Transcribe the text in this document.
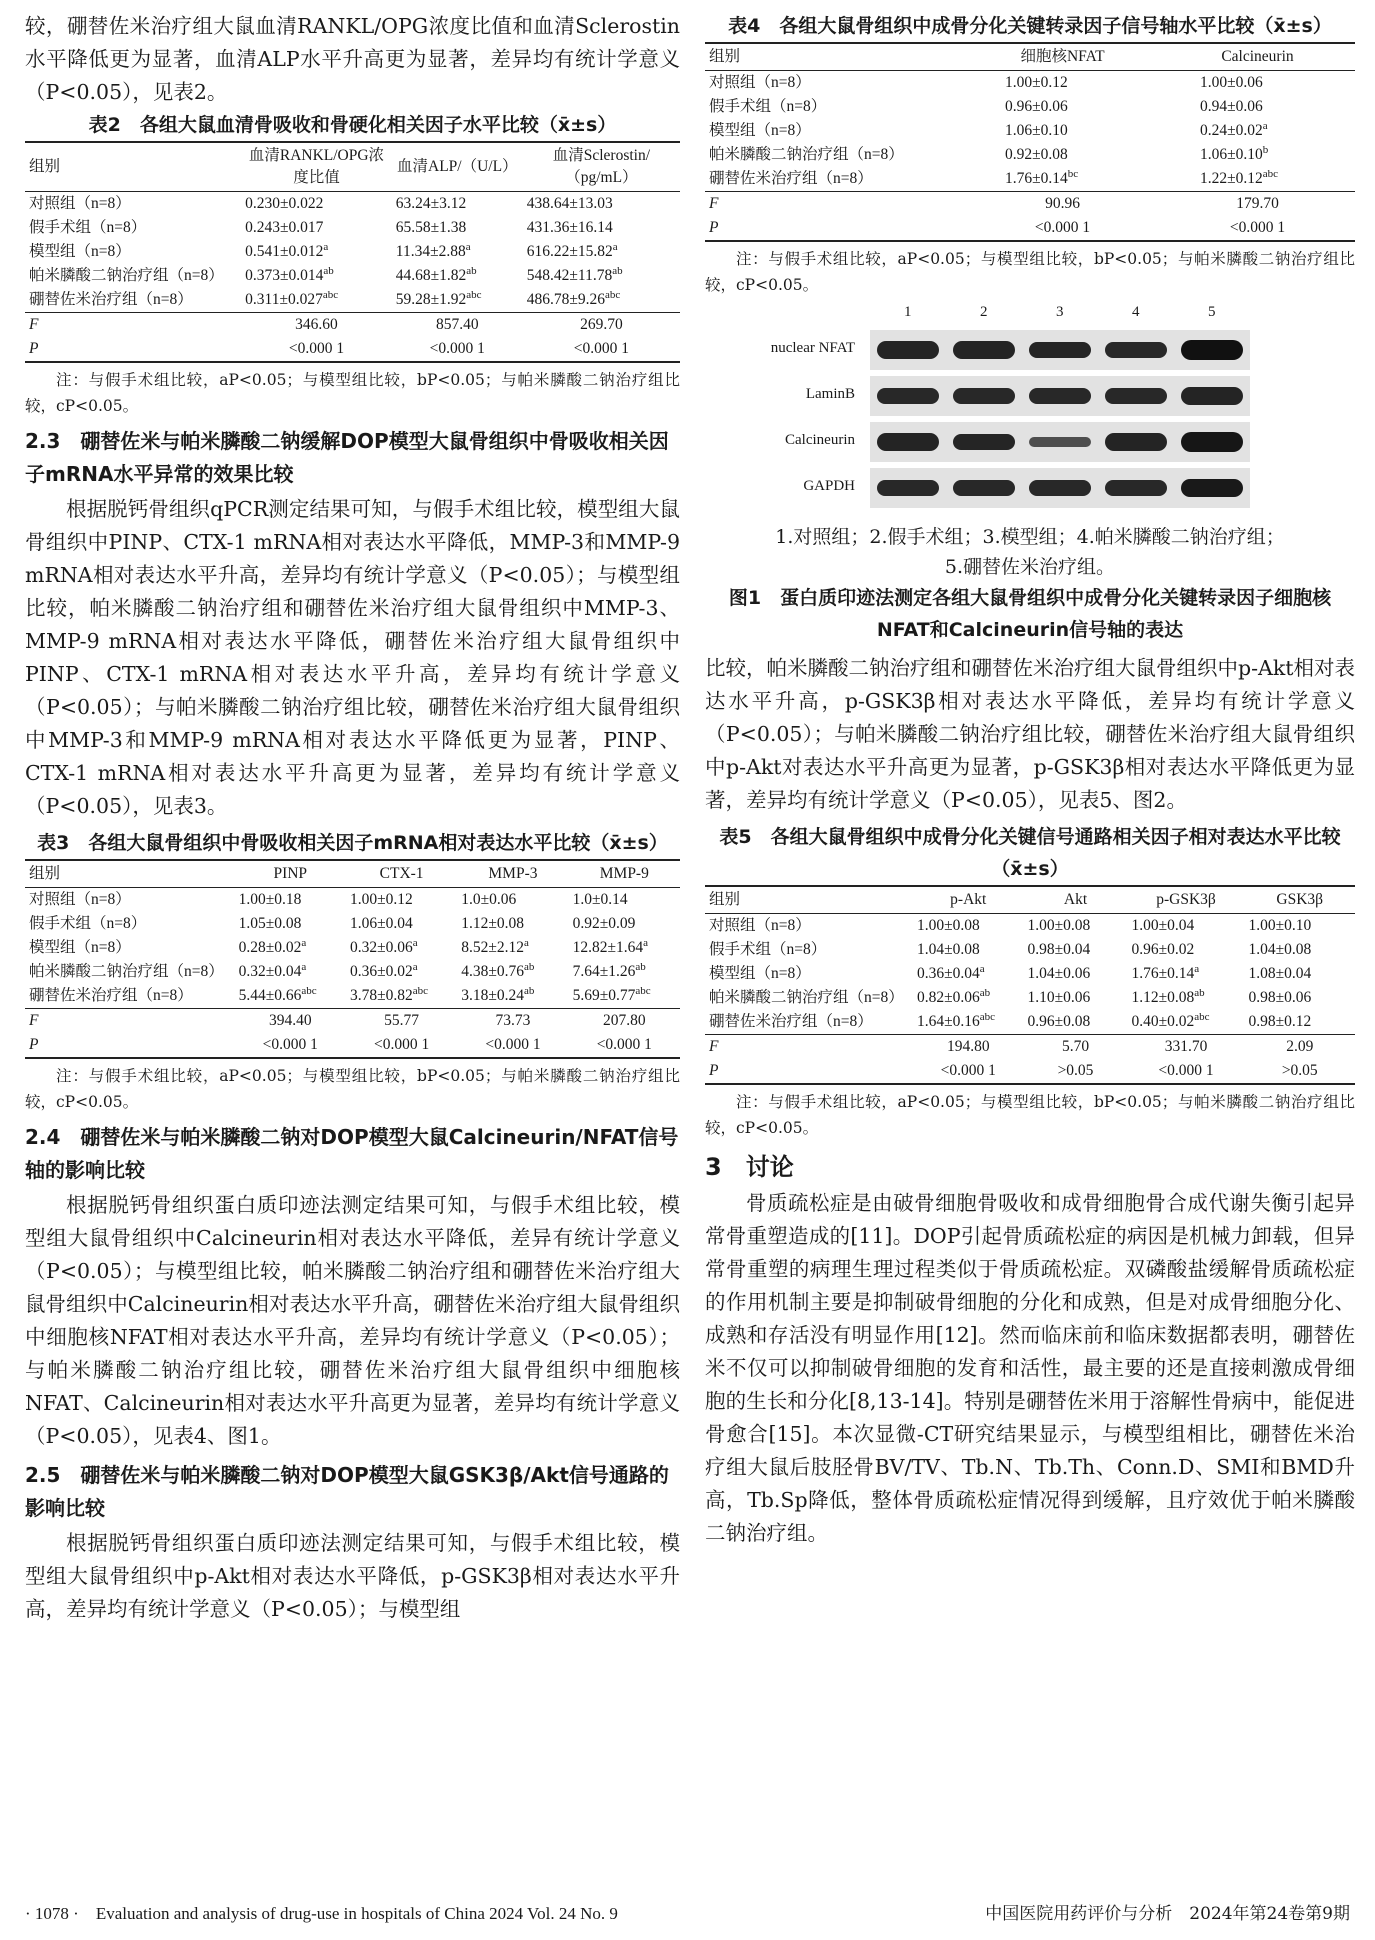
较，硼替佐米治疗组大鼠血清RANKL/OPG浓度比值和血清Sclerostin水平降低更为显著，血清ALP水平升高更为显著，差异均有统计学意义（P<0.05），见表2。

表2　各组大鼠血清骨吸收和骨硬化相关因子水平比较（x̄±s）
组别	血清RANKL/OPG浓度比值	血清ALP/（U/L）	血清Sclerostin/（pg/mL）
对照组（n=8）	0.230±0.022	63.24±3.12	438.64±13.03
假手术组（n=8）	0.243±0.017	65.58±1.38	431.36±16.14
模型组（n=8）	0.541±0.012$^a$	11.34±2.88$^a$	616.22±15.82$^a$
帕米膦酸二钠治疗组（n=8）	0.373±0.014$^{ab}$	44.68±1.82$^{ab}$	548.42±11.78$^{ab}$
硼替佐米治疗组（n=8）	0.311±0.027$^{abc}$	59.28±1.92$^{abc}$	486.78±9.26$^{abc}$
F	346.60	857.40	269.70
P	<0.000 1	<0.000 1	<0.000 1
注：与假手术组比较，aP<0.05；与模型组比较，bP<0.05；与帕米膦酸二钠治疗组比较，cP<0.05。
2.3　硼替佐米与帕米膦酸二钠缓解DOP模型大鼠骨组织中骨吸收相关因子mRNA水平异常的效果比较

根据脱钙骨组织qPCR测定结果可知，与假手术组比较，模型组大鼠骨组织中PINP、CTX-1 mRNA相对表达水平降低，MMP-3和MMP-9 mRNA相对表达水平升高，差异均有统计学意义（P<0.05）；与模型组比较，帕米膦酸二钠治疗组和硼替佐米治疗组大鼠骨组织中MMP-3、MMP-9 mRNA相对表达水平降低，硼替佐米治疗组大鼠骨组织中PINP、CTX-1 mRNA相对表达水平升高，差异均有统计学意义（P<0.05）；与帕米膦酸二钠治疗组比较，硼替佐米治疗组大鼠骨组织中MMP-3和MMP-9 mRNA相对表达水平降低更为显著，PINP、CTX-1 mRNA相对表达水平升高更为显著，差异均有统计学意义（P<0.05），见表3。

表3　各组大鼠骨组织中骨吸收相关因子mRNA相对表达水平比较（x̄±s）
组别	PINP	CTX-1	MMP-3	MMP-9
对照组（n=8）	1.00±0.18	1.00±0.12	1.0±0.06	1.0±0.14
假手术组（n=8）	1.05±0.08	1.06±0.04	1.12±0.08	0.92±0.09
模型组（n=8）	0.28±0.02$^a$	0.32±0.06$^a$	8.52±2.12$^a$	12.82±1.64$^a$
帕米膦酸二钠治疗组（n=8）	0.32±0.04$^a$	0.36±0.02$^a$	4.38±0.76$^{ab}$	7.64±1.26$^{ab}$
硼替佐米治疗组（n=8）	5.44±0.66$^{abc}$	3.78±0.82$^{abc}$	3.18±0.24$^{ab}$	5.69±0.77$^{abc}$
F	394.40	55.77	73.73	207.80
P	<0.000 1	<0.000 1	<0.000 1	<0.000 1
注：与假手术组比较，aP<0.05；与模型组比较，bP<0.05；与帕米膦酸二钠治疗组比较，cP<0.05。
2.4　硼替佐米与帕米膦酸二钠对DOP模型大鼠Calcineurin/NFAT信号轴的影响比较

根据脱钙骨组织蛋白质印迹法测定结果可知，与假手术组比较，模型组大鼠骨组织中Calcineurin相对表达水平降低，差异有统计学意义（P<0.05）；与模型组比较，帕米膦酸二钠治疗组和硼替佐米治疗组大鼠骨组织中Calcineurin相对表达水平升高，硼替佐米治疗组大鼠骨组织中细胞核NFAT相对表达水平升高，差异均有统计学意义（P<0.05）；与帕米膦酸二钠治疗组比较，硼替佐米治疗组大鼠骨组织中细胞核NFAT、Calcineurin相对表达水平升高更为显著，差异均有统计学意义（P<0.05），见表4、图1。

2.5　硼替佐米与帕米膦酸二钠对DOP模型大鼠GSK3β/Akt信号通路的影响比较

根据脱钙骨组织蛋白质印迹法测定结果可知，与假手术组比较，模型组大鼠骨组织中p-Akt相对表达水平降低，p-GSK3β相对表达水平升高，差异均有统计学意义（P<0.05）；与模型组

表4　各组大鼠骨组织中成骨分化关键转录因子信号轴水平比较（x̄±s）
组别	细胞核NFAT	Calcineurin
对照组（n=8）	1.00±0.12	1.00±0.06
假手术组（n=8）	0.96±0.06	0.94±0.06
模型组（n=8）	1.06±0.10	0.24±0.02$^a$
帕米膦酸二钠治疗组（n=8）	0.92±0.08	1.06±0.10$^b$
硼替佐米治疗组（n=8）	1.76±0.14$^{bc}$	1.22±0.12$^{abc}$
F	90.96	179.70
P	<0.000 1	<0.000 1
注：与假手术组比较，aP<0.05；与模型组比较，bP<0.05；与帕米膦酸二钠治疗组比较，cP<0.05。
1	2	3	4	5
nuclear NFAT
LaminB
Calcineurin
GAPDH
1.对照组；2.假手术组；3.模型组；4.帕米膦酸二钠治疗组；
5.硼替佐米治疗组。
图1　蛋白质印迹法测定各组大鼠骨组织中成骨分化关键转录因子细胞核NFAT和Calcineurin信号轴的表达

比较，帕米膦酸二钠治疗组和硼替佐米治疗组大鼠骨组织中p-Akt相对表达水平升高，p-GSK3β相对表达水平降低，差异均有统计学意义（P<0.05）；与帕米膦酸二钠治疗组比较，硼替佐米治疗组大鼠骨组织中p-Akt对表达水平升高更为显著，p-GSK3β相对表达水平降低更为显著，差异均有统计学意义（P<0.05），见表5、图2。

表5　各组大鼠骨组织中成骨分化关键信号通路相关因子相对表达水平比较（x̄±s）
组别	p-Akt	Akt	p-GSK3β	GSK3β
对照组（n=8）	1.00±0.08	1.00±0.08	1.00±0.04	1.00±0.10
假手术组（n=8）	1.04±0.08	0.98±0.04	0.96±0.02	1.04±0.08
模型组（n=8）	0.36±0.04$^a$	1.04±0.06	1.76±0.14$^a$	1.08±0.04
帕米膦酸二钠治疗组（n=8）	0.82±0.06$^{ab}$	1.10±0.06	1.12±0.08$^{ab}$	0.98±0.06
硼替佐米治疗组（n=8）	1.64±0.16$^{abc}$	0.96±0.08	0.40±0.02$^{abc}$	0.98±0.12
F	194.80	5.70	331.70	2.09
P	<0.000 1	>0.05	<0.000 1	>0.05
注：与假手术组比较，aP<0.05；与模型组比较，bP<0.05；与帕米膦酸二钠治疗组比较，cP<0.05。
3　讨论

骨质疏松症是由破骨细胞骨吸收和成骨细胞骨合成代谢失衡引起异常骨重塑造成的[11]。DOP引起骨质疏松症的病因是机械力卸载，但异常骨重塑的病理生理过程类似于骨质疏松症。双磷酸盐缓解骨质疏松症的作用机制主要是抑制破骨细胞的分化和成熟，但是对成骨细胞分化、成熟和存活没有明显作用[12]。然而临床前和临床数据都表明，硼替佐米不仅可以抑制破骨细胞的发育和活性，最主要的还是直接刺激成骨细胞的生长和分化[8,13-14]。特别是硼替佐米用于溶解性骨病中，能促进骨愈合[15]。本次显微-CT研究结果显示，与模型组相比，硼替佐米治疗组大鼠后肢胫骨BV/TV、Tb.N、Tb.Th、Conn.D、SMI和BMD升高，Tb.Sp降低，整体骨质疏松症情况得到缓解，且疗效优于帕米膦酸二钠治疗组。

· 1078 ·　Evaluation and analysis of drug-use in hospitals of China 2024 Vol. 24 No. 9	中国医院用药评价与分析　2024年第24卷第9期
